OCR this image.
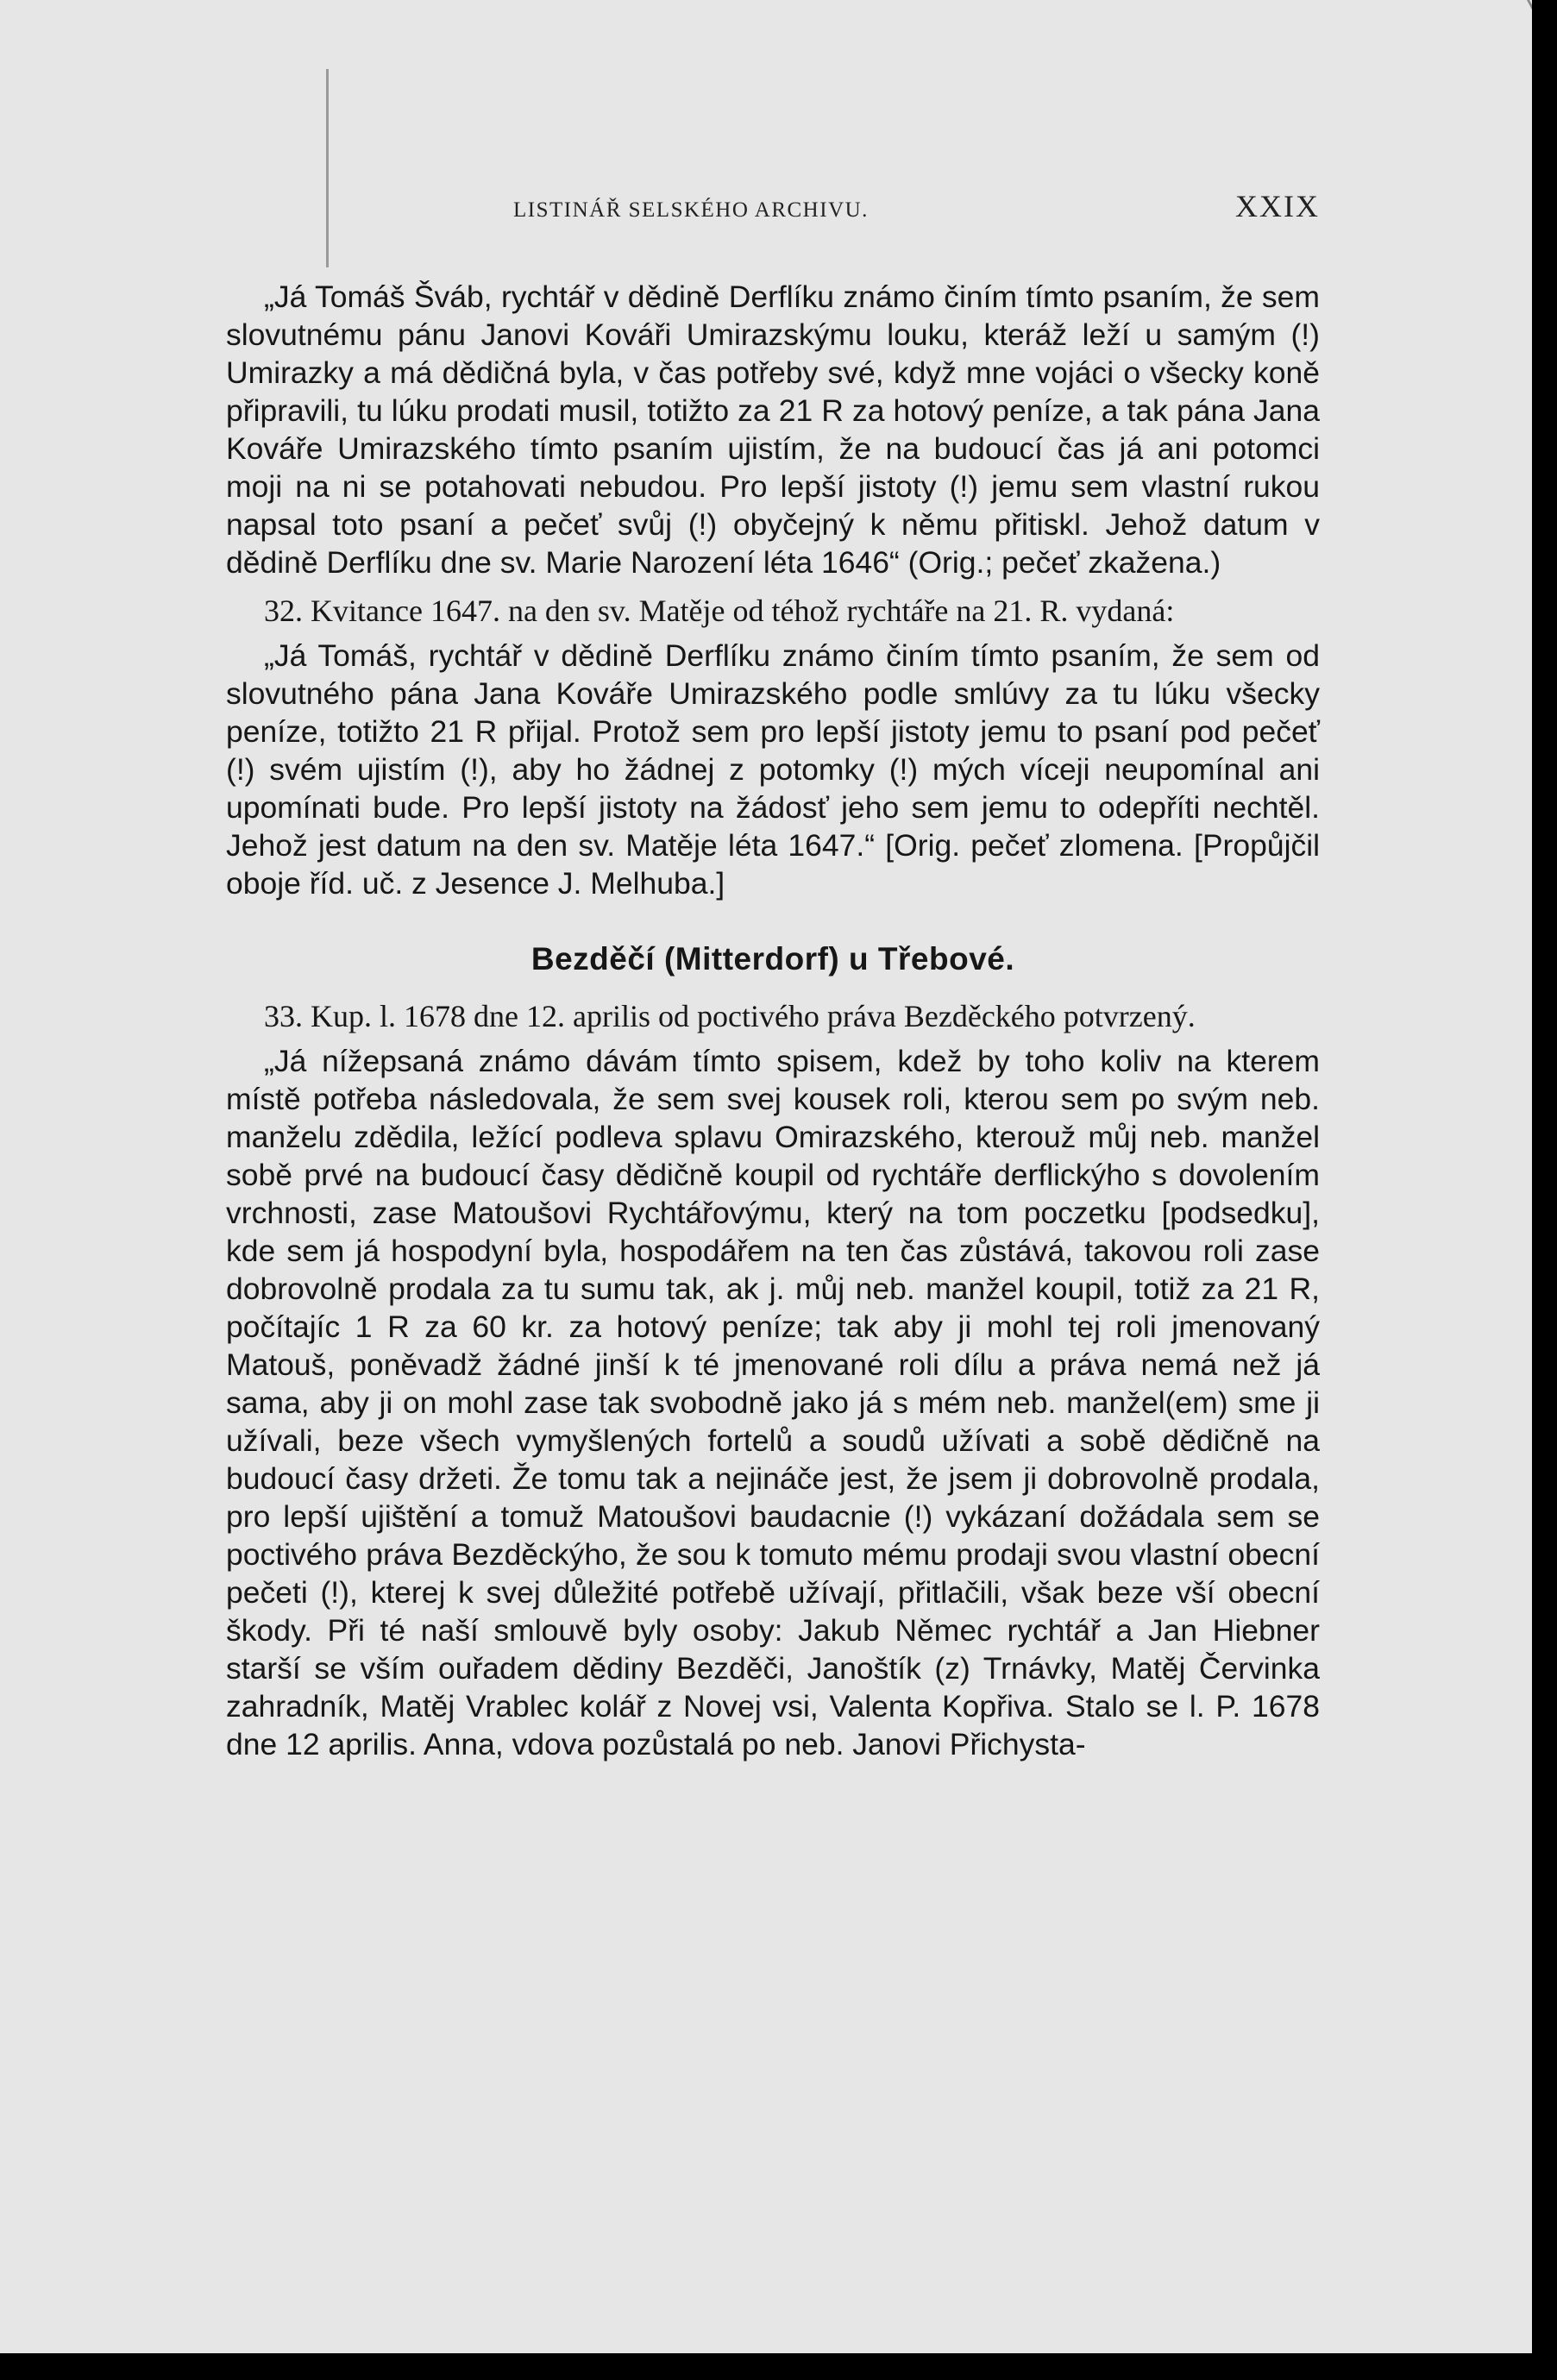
LISTINÁŘ SELSKÉHO ARCHIVU.	XXIX

„Já Tomáš Šváb, rychtář v dědině Derflíku známo činím tímto psaním, že sem slovutnému pánu Janovi Kováři Umirazskýmu louku, kteráž leží u samým (!) Umirazky a má dědičná byla, v čas potřeby své, když mne vojáci o všecky koně připravili, tu lúku prodati musil, totižto za 21 R za hotový peníze, a tak pána Jana Kováře Umirazského tímto psaním ujistím, že na budoucí čas já ani potomci moji na ni se potahovati nebudou. Pro lepší jistoty (!) jemu sem vlastní rukou napsal toto psaní a pečeť svůj (!) obyčejný k němu přitiskl. Jehož datum v dědině Derflíku dne sv. Marie Narození léta 1646“ (Orig.; pečeť zkažena.)

32. Kvitance 1647. na den sv. Matěje od téhož rychtáře na 21. R. vydaná:

„Já Tomáš, rychtář v dědině Derflíku známo činím tímto psaním, že sem od slovutného pána Jana Kováře Umirazského podle smlúvy za tu lúku všecky peníze, totižto 21 R přijal. Protož sem pro lepší jistoty jemu to psaní pod pečeť (!) svém ujistím (!), aby ho žádnej z potomky (!) mých víceji neupomínal ani upomínati bude. Pro lepší jistoty na žádosť jeho sem jemu to odepříti nechtěl. Jehož jest datum na den sv. Matěje léta 1647.“ [Orig. pečeť zlomena. [Propůjčil oboje říd. uč. z Jesence J. Melhuba.]

Bezděčí (Mitterdorf) u Třebové.

33. Kup. l. 1678 dne 12. aprilis od poctivého práva Bezděckého potvrzený.

„Já nížepsaná známo dávám tímto spisem, kdež by toho koliv na kterem místě potřeba následovala, že sem svej kousek roli, kterou sem po svým neb. manželu zdědila, ležící podleva splavu Omirazského, kterouž můj neb. manžel sobě prvé na budoucí časy dědičně koupil od rychtáře derflickýho s dovolením vrchnosti, zase Matoušovi Rychtářovýmu, který na tom poczetku [podsedku], kde sem já hospodyní byla, hospodářem na ten čas zůstává, takovou roli zase dobrovolně prodala za tu sumu tak, ak j. můj neb. manžel koupil, totiž za 21 R, počítajíc 1 R za 60 kr. za hotový peníze; tak aby ji mohl tej roli jmenovaný Matouš, poněvadž žádné jinší k té jmenované roli dílu a práva nemá než já sama, aby ji on mohl zase tak svobodně jako já s mém neb. manžel(em) sme ji užívali, beze všech vymyšlených fortelů a soudů užívati a sobě dědičně na budoucí časy držeti. Že tomu tak a nejináče jest, že jsem ji dobrovolně prodala, pro lepší ujištění a tomuž Matoušovi baudacnie (!) vykázaní dožádala sem se poctivého práva Bezděckýho, že sou k tomuto mému prodaji svou vlastní obecní pečeti (!), kterej k svej důležité potřebě užívají, přitlačili, však beze vší obecní škody. Při té naší smlouvě byly osoby: Jakub Němec rychtář a Jan Hiebner starší se vším ouřadem dědiny Bezděči, Janoštík (z) Trnávky, Matěj Červinka zahradník, Matěj Vrablec kolář z Novej vsi, Valenta Kopřiva. Stalo se l. P. 1678 dne 12 aprilis. Anna, vdova pozůstalá po neb. Janovi Přichysta-
